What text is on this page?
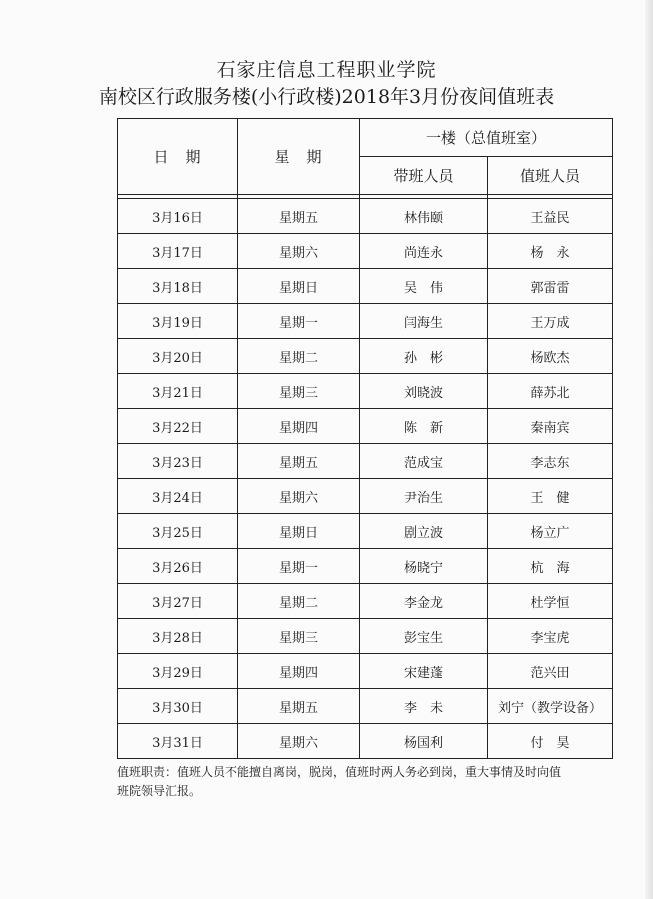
石家庄信息工程职业学院
南校区行政服务楼(小行政楼)2018年3月份夜间值班表
日　期	星　期	一楼（总值班室）	
		带班人员	值班人员

3月16日	星期五	林伟颐	王益民
3月17日	星期六	尚连永	杨　永
3月18日	星期日	吴　伟	郭雷雷
3月19日	星期一	闫海生	王万成
3月20日	星期二	孙　彬	杨欧杰
3月21日	星期三	刘晓波	薛苏北
3月22日	星期四	陈　新	秦南宾
3月23日	星期五	范成宝	李志东
3月24日	星期六	尹治生	王　健
3月25日	星期日	剧立波	杨立广
3月26日	星期一	杨晓宁	杭　海
3月27日	星期二	李金龙	杜学恒
3月28日	星期三	彭宝生	李宝虎
3月29日	星期四	宋建蓬	范兴田
3月30日	星期五	李　未	刘宁（教学设备）
3月31日	星期六	杨国利	付　昊
值班职责：值班人员不能擅自离岗，脱岗，值班时两人务必到岗，重大事情及时向值
班院领导汇报。
